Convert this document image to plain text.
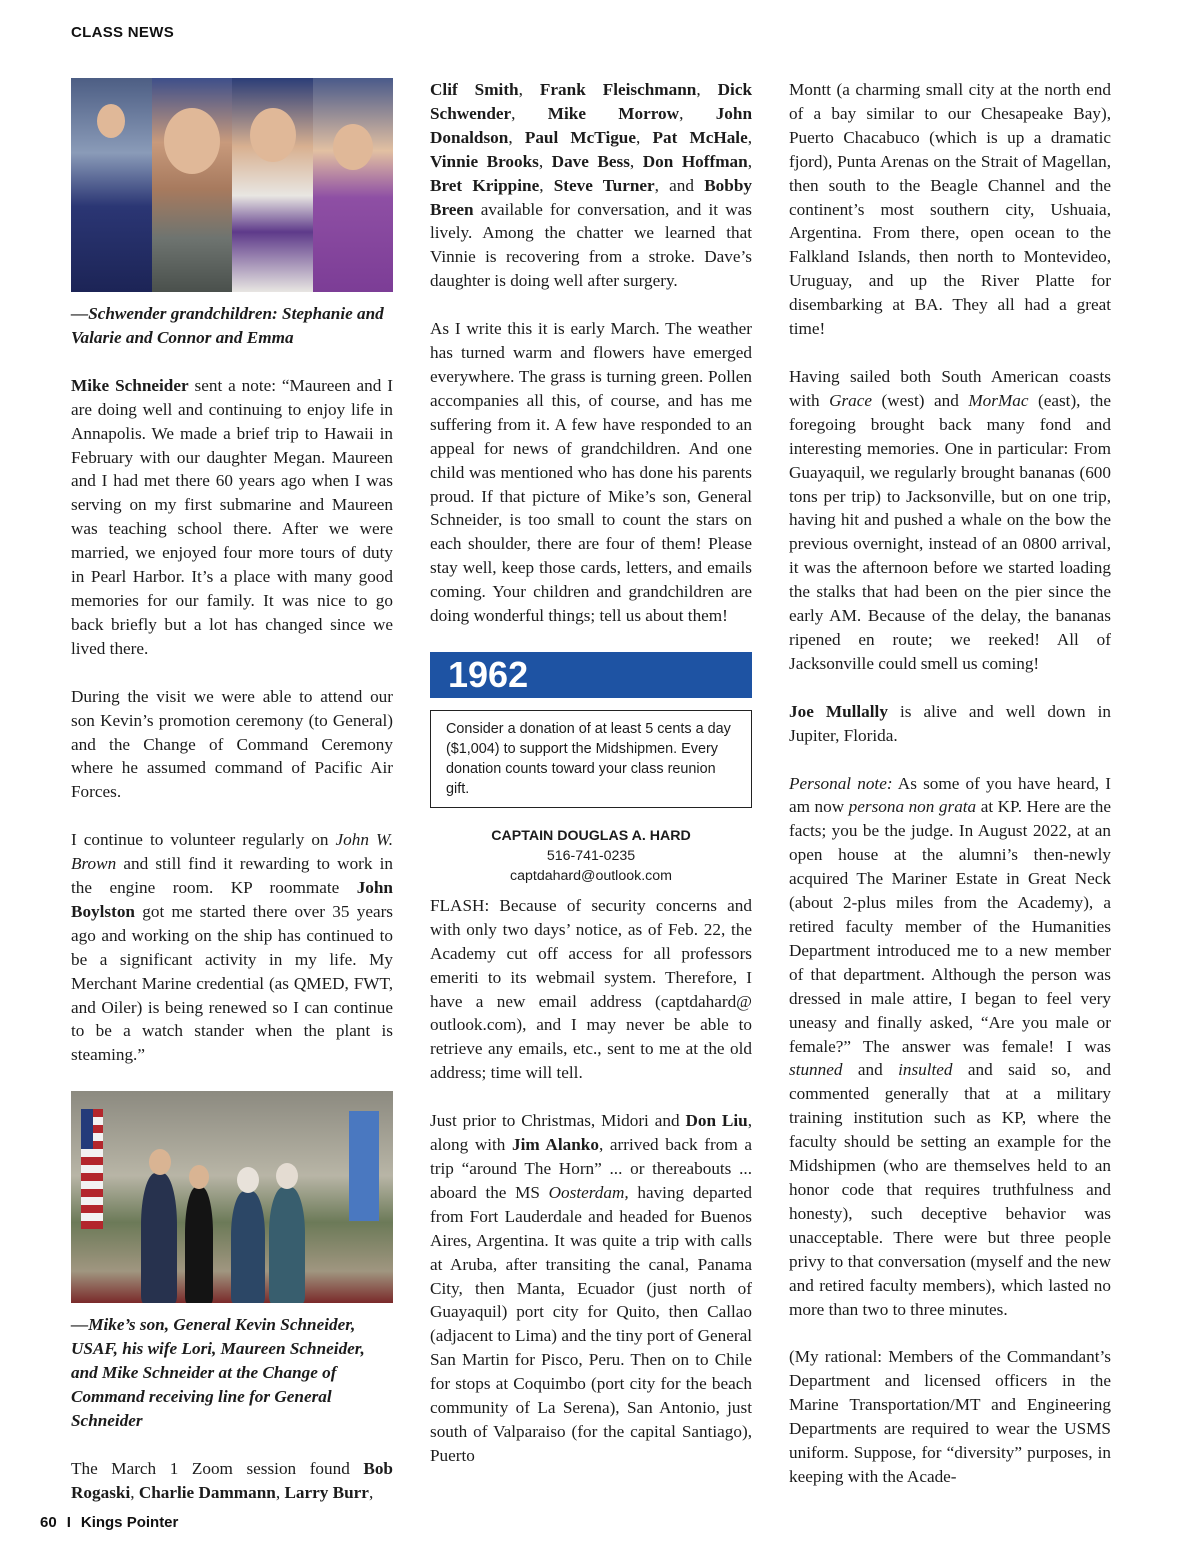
CLASS NEWS

—Schwender grandchildren: Stephanie and Valarie and Connor and Emma

Mike Schneider sent a note: “Maureen and I are doing well and continuing to enjoy life in Annapolis. We made a brief trip to Hawaii in February with our daughter Megan. Maureen and I had met there 60 years ago when I was serving on my first submarine and Maureen was teaching school there. After we were married, we enjoyed four more tours of duty in Pearl Harbor. It’s a place with many good memories for our family. It was nice to go back briefly but a lot has changed since we lived there.

During the visit we were able to attend our son Kevin’s promotion ceremony (to General) and the Change of Command Ceremony where he assumed command of Pacific Air Forces.

I continue to volunteer regularly on John W. Brown and still find it rewarding to work in the engine room. KP roommate John Boylston got me started there over 35 years ago and working on the ship has continued to be a significant activity in my life. My Merchant Marine credential (as QMED, FWT, and Oiler) is being renewed so I can continue to be a watch stander when the plant is steaming.”

—Mike’s son, General Kevin Schneider, USAF, his wife Lori, Maureen Schneider, and Mike Schneider at the Change of Command receiving line for General Schneider

The March 1 Zoom session found Bob Rogaski, Charlie Dammann, Larry Burr,

Clif Smith, Frank Fleischmann, Dick Schwender, Mike Morrow, John Donaldson, Paul McTigue, Pat McHale, Vinnie Brooks, Dave Bess, Don Hoffman, Bret Krippine, Steve Turner, and Bobby Breen available for conversation, and it was lively. Among the chatter we learned that Vinnie is recovering from a stroke. Dave’s daughter is doing well after surgery.

As I write this it is early March. The weather has turned warm and flowers have emerged everywhere. The grass is turning green. Pollen accompanies all this, of course, and has me suffering from it. A few have responded to an appeal for news of grandchildren. And one child was mentioned who has done his parents proud. If that picture of Mike’s son, General Schneider, is too small to count the stars on each shoulder, there are four of them! Please stay well, keep those cards, letters, and emails coming. Your children and grandchildren are doing wonderful things; tell us about them!

1962
Consider a donation of at least 5 cents a day ($1,004) to support the Midshipmen. Every donation counts toward your class reunion gift.
CAPTAIN DOUGLAS A. HARD
516-741-0235
captdahard@outlook.com

FLASH: Because of security concerns and with only two days’ notice, as of Feb. 22, the Academy cut off access for all professors emeriti to its webmail system. Therefore, I have a new email address (captdahard@ outlook.com), and I may never be able to retrieve any emails, etc., sent to me at the old address; time will tell.

Just prior to Christmas, Midori and Don Liu, along with Jim Alanko, arrived back from a trip “around The Horn” ... or thereabouts ... aboard the MS Oosterdam, having departed from Fort Lauderdale and headed for Buenos Aires, Argentina. It was quite a trip with calls at Aruba, after transiting the canal, Panama City, then Manta, Ecuador (just north of Guayaquil) port city for Quito, then Callao (adjacent to Lima) and the tiny port of General San Martin for Pisco, Peru. Then on to Chile for stops at Coquimbo (port city for the beach community of La Serena), San Antonio, just south of Valparaiso (for the capital Santiago), Puerto

Montt (a charming small city at the north end of a bay similar to our Chesapeake Bay), Puerto Chacabuco (which is up a dramatic fjord), Punta Arenas on the Strait of Magellan, then south to the Beagle Channel and the continent’s most southern city, Ushuaia, Argentina. From there, open ocean to the Falkland Islands, then north to Montevideo, Uruguay, and up the River Platte for disembarking at BA. They all had a great time!

Having sailed both South American coasts with Grace (west) and MorMac (east), the foregoing brought back many fond and interesting memories. One in particular: From Guayaquil, we regularly brought bananas (600 tons per trip) to Jacksonville, but on one trip, having hit and pushed a whale on the bow the previous overnight, instead of an 0800 arrival, it was the afternoon before we started loading the stalks that had been on the pier since the early AM. Because of the delay, the bananas ripened en route; we reeked! All of Jacksonville could smell us coming!

Joe Mullally is alive and well down in Jupiter, Florida.

Personal note: As some of you have heard, I am now persona non grata at KP. Here are the facts; you be the judge. In August 2022, at an open house at the alumni’s then-newly acquired The Mariner Estate in Great Neck (about 2-plus miles from the Academy), a retired faculty member of the Humanities Department introduced me to a new member of that department. Although the person was dressed in male attire, I began to feel very uneasy and finally asked, “Are you male or female?” The answer was female! I was stunned and insulted and said so, and commented generally that at a military training institution such as KP, where the faculty should be setting an example for the Midshipmen (who are themselves held to an honor code that requires truthfulness and honesty), such deceptive behavior was unacceptable. There were but three people privy to that conversation (myself and the new and retired faculty members), which lasted no more than two to three minutes.

(My rational: Members of the Commandant’s Department and licensed officers in the Marine Transportation/MT and Engineering Departments are required to wear the USMS uniform. Suppose, for “diversity” purposes, in keeping with the Acade-

60 I Kings Pointer
